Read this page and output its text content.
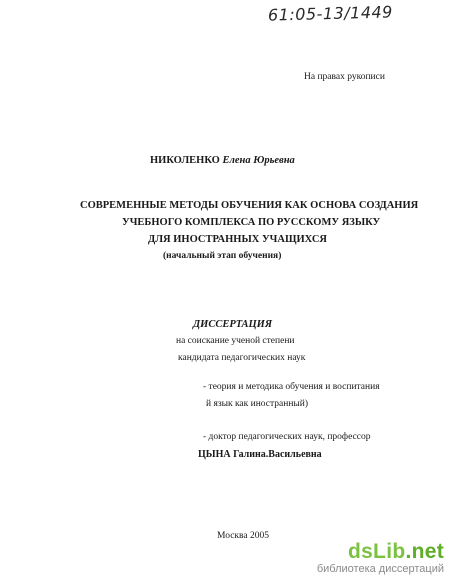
61:05-13/1449
На правах рукописи
НИКОЛЕНКО Елена Юрьевна
СОВРЕМЕННЫЕ МЕТОДЫ ОБУЧЕНИЯ КАК ОСНОВА СОЗДАНИЯ
УЧЕБНОГО КОМПЛЕКСА ПО РУССКОМУ ЯЗЫКУ
ДЛЯ ИНОСТРАННЫХ УЧАЩИХСЯ
(начальный этап обучения)
ДИССЕРТАЦИЯ
на соискание ученой степени
кандидата педагогических наук
- теория и методика обучения и воспитания
й язык как иностранный)
- доктор педагогических наук, профессор
ЦЫНА Галина.Васильевна
Москва 2005
dsLib.net
библиотека диссертаций
